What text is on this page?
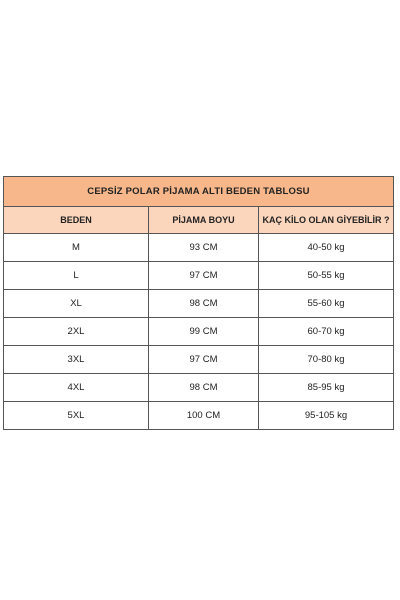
CEPSİZ POLAR PİJAMA ALTI BEDEN TABLOSU		
BEDEN	PİJAMA BOYU	KAÇ KİLO OLAN GİYEBİLİR ?
M	93 CM	40-50 kg
L	97 CM	50-55 kg
XL	98 CM	55-60 kg
2XL	99 CM	60-70 kg
3XL	97 CM	70-80 kg
4XL	98 CM	85-95 kg
5XL	100 CM	95-105 kg
